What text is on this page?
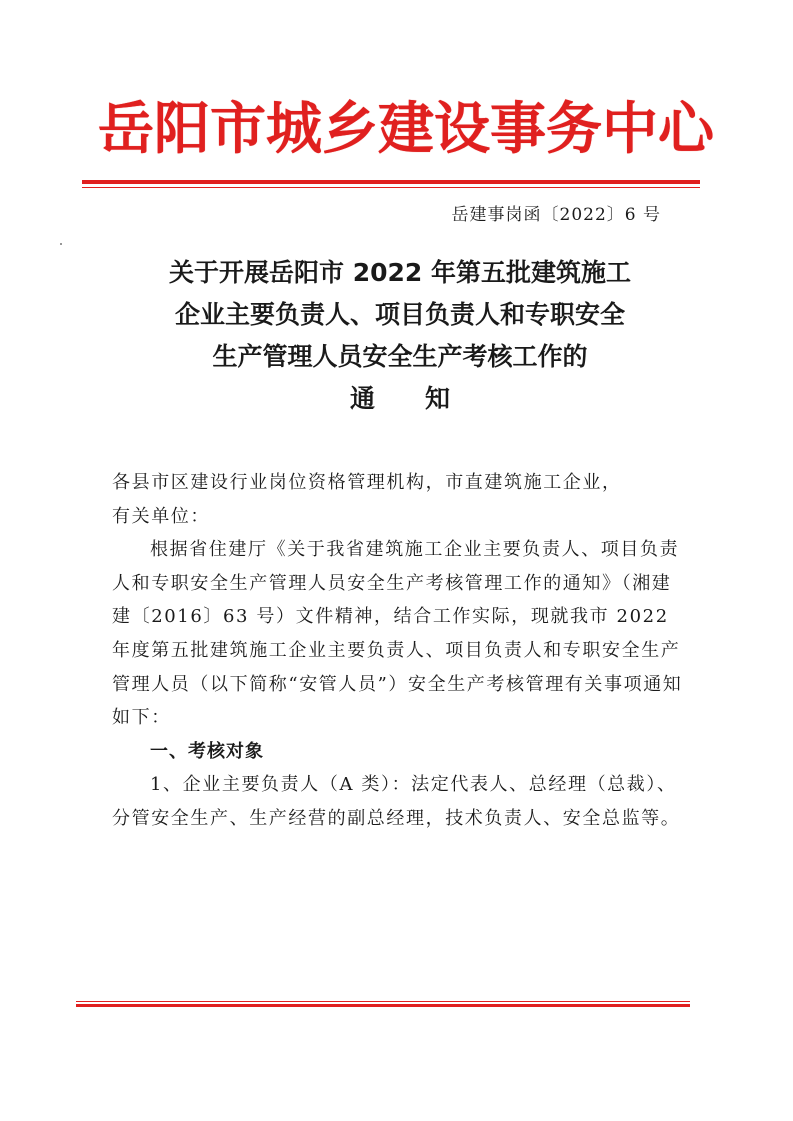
岳阳市城乡建设事务中心
岳建事岗函〔2022〕6 号
关于开展岳阳市 2022 年第五批建筑施工
企业主要负责人、项目负责人和专职安全
生产管理人员安全生产考核工作的
通知

各县市区建设行业岗位资格管理机构，市直建筑施工企业，
有关单位：

根据省住建厅《关于我省建筑施工企业主要负责人、项目负责人和专职安全生产管理人员安全生产考核管理工作的通知》（湘建建〔2016〕63 号）文件精神，结合工作实际，现就我市 2022 年度第五批建筑施工企业主要负责人、项目负责人和专职安全生产管理人员（以下简称“安管人员”）安全生产考核管理有关事项通知如下：

一、考核对象

1、企业主要负责人（A 类）：法定代表人、总经理（总裁）、分管安全生产、生产经营的副总经理，技术负责人、安全总监等。
